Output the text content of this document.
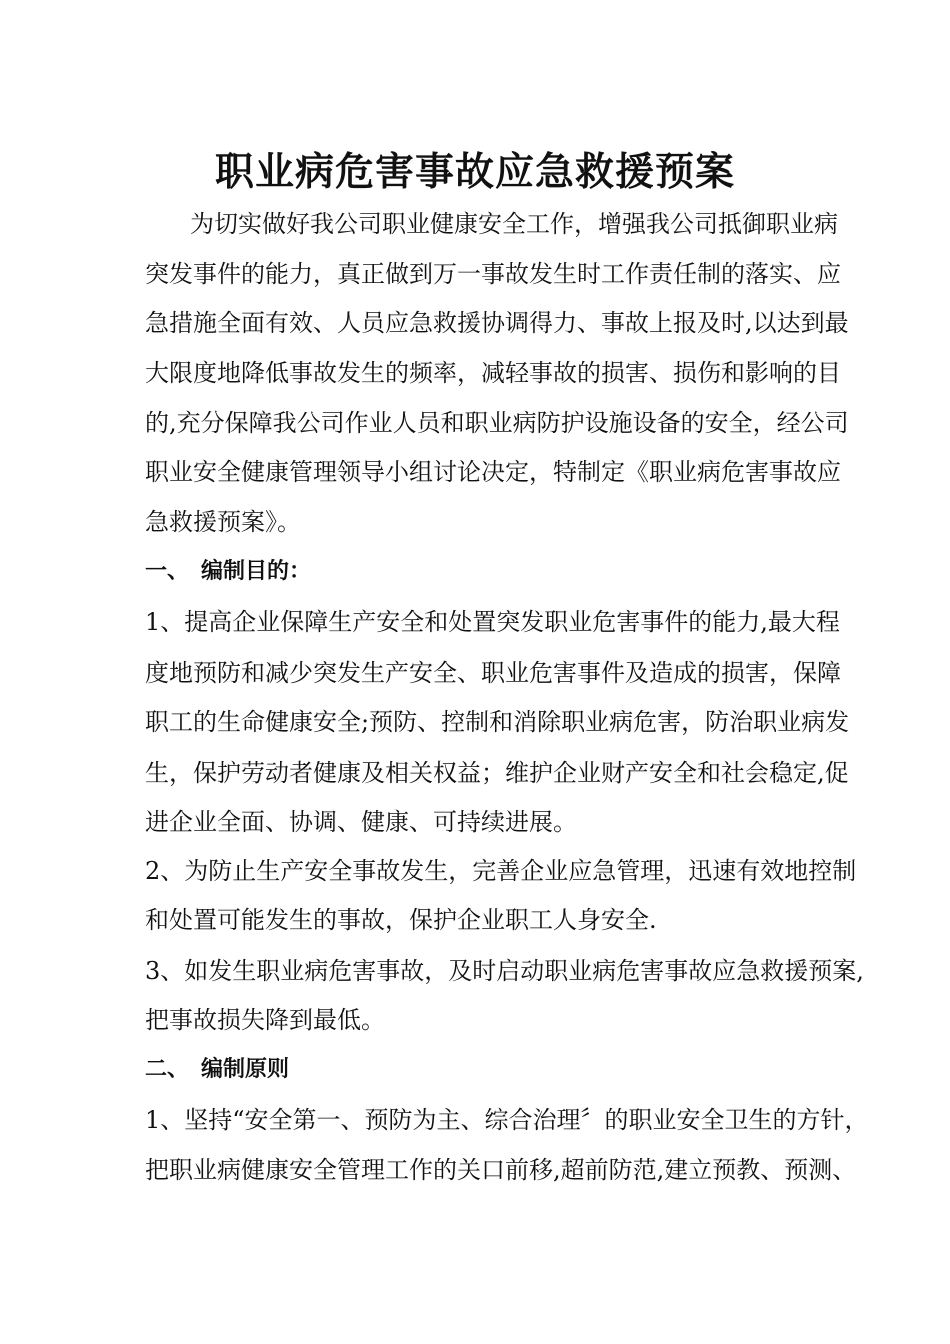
职业病危害事故应急救援预案
为切实做好我公司职业健康安全工作，增强我公司抵御职业病
突发事件的能力，真正做到万一事故发生时工作责任制的落实、应
急措施全面有效、人员应急救援协调得力、事故上报及时,以达到最
大限度地降低事故发生的频率，减轻事故的损害、损伤和影响的目
的,充分保障我公司作业人员和职业病防护设施设备的安全，经公司
职业安全健康管理领导小组讨论决定，特制定《职业病危害事故应
急救援预案》。
一、 编制目的：
1、提高企业保障生产安全和处置突发职业危害事件的能力,最大程
度地预防和减少突发生产安全、职业危害事件及造成的损害，保障
职工的生命健康安全;预防、控制和消除职业病危害，防治职业病发
生，保护劳动者健康及相关权益；维护企业财产安全和社会稳定,促
进企业全面、协调、健康、可持续进展。
2、为防止生产安全事故发生，完善企业应急管理，迅速有效地控制
和处置可能发生的事故，保护企业职工人身安全.
3、如发生职业病危害事故，及时启动职业病危害事故应急救援预案,
把事故损失降到最低。
二、 编制原则
1、坚持“安全第一、预防为主、综合治理〞的职业安全卫生的方针，
把职业病健康安全管理工作的关口前移,超前防范,建立预教、预测、
